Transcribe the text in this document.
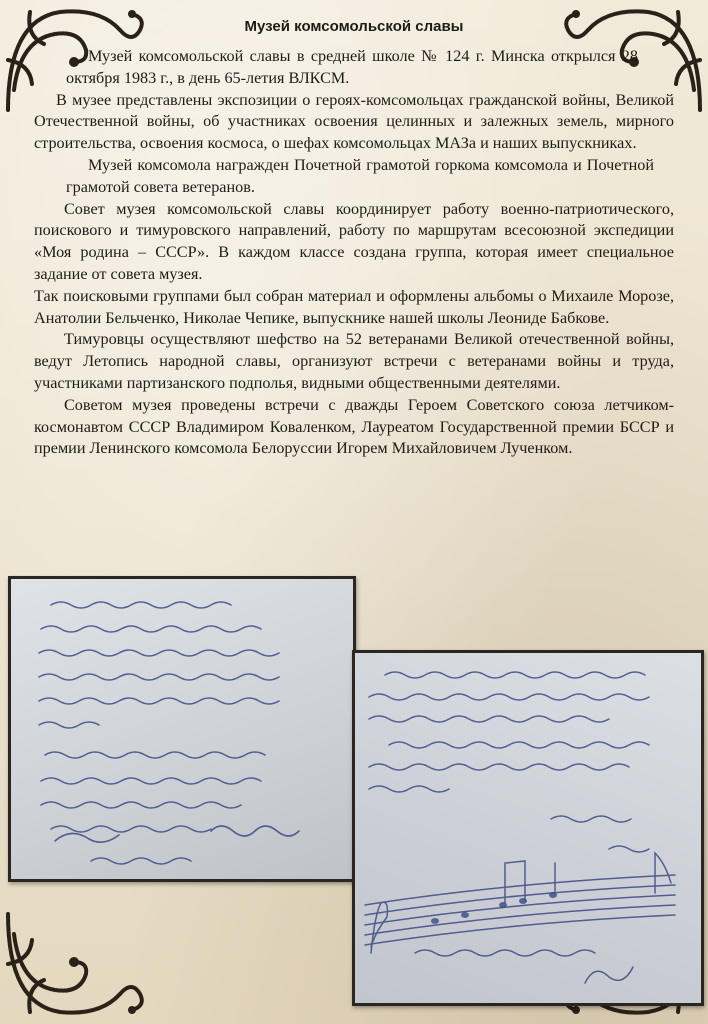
Музей комсомольской славы

Музей комсомольской славы в средней школе № 124 г. Минска открылся 28 октября 1983 г., в день 65-летия ВЛКСМ.

В музее представлены экспозиции о героях-комсомольцах гражданской войны, Великой Отечественной войны, об участниках освоения целинных и залежных земель, мирного строительства, освоения космоса, о шефах комсомольцах МАЗа и наших выпускниках.

Музей комсомола награжден Почетной грамотой горкома комсомола и Почетной грамотой совета ветеранов.

Совет музея комсомольской славы координирует работу военно-патриотического, поискового и тимуровского направлений, работу по маршрутам всесоюзной экспедиции «Моя родина – СССР». В каждом классе создана группа, которая имеет специальное задание от совета музея.

Так поисковыми группами был собран материал и оформлены альбомы о Михаиле Морозе, Анатолии Бельченко, Николае Чепике, выпускнике нашей школы Леониде Бабкове.

Тимуровцы осуществляют шефство на 52 ветеранами Великой отечественной войны, ведут Летопись народной славы, организуют встречи с ветеранами войны и труда, участниками партизанского подполья, видными общественными деятелями.

Советом музея проведены встречи с дважды Героем Советского союза летчиком-космонавтом СССР Владимиром Коваленком, Лауреатом Государственной премии БССР и премии Ленинского комсомола Белоруссии Игорем Михайловичем Лученком.
